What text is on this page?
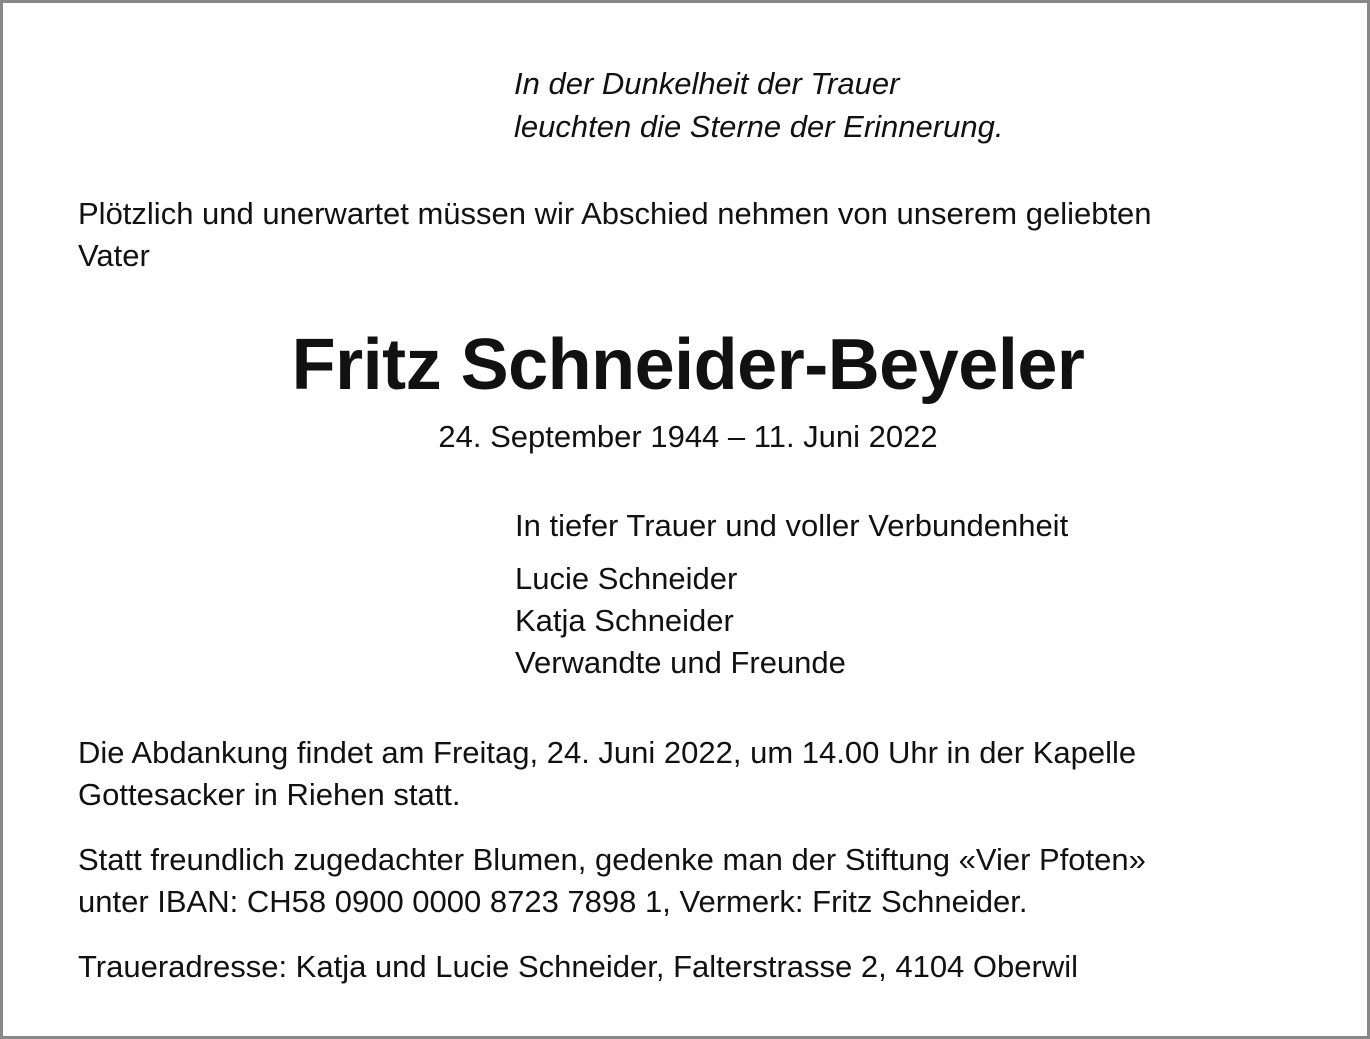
In der Dunkelheit der Trauer
leuchten die Sterne der Erinnerung.
Plötzlich und unerwartet müssen wir Abschied nehmen von unserem geliebten
Vater
Fritz Schneider-Beyeler
24. September 1944 – 11. Juni 2022
In tiefer Trauer und voller Verbundenheit
Lucie Schneider
Katja Schneider
Verwandte und Freunde
Die Abdankung findet am Freitag, 24. Juni 2022, um 14.00 Uhr in der Kapelle
Gottesacker in Riehen statt.
Statt freundlich zugedachter Blumen, gedenke man der Stiftung «Vier Pfoten»
unter IBAN: CH58 0900 0000 8723 7898 1, Vermerk: Fritz Schneider.
Traueradresse: Katja und Lucie Schneider, Falterstrasse 2, 4104 Oberwil
